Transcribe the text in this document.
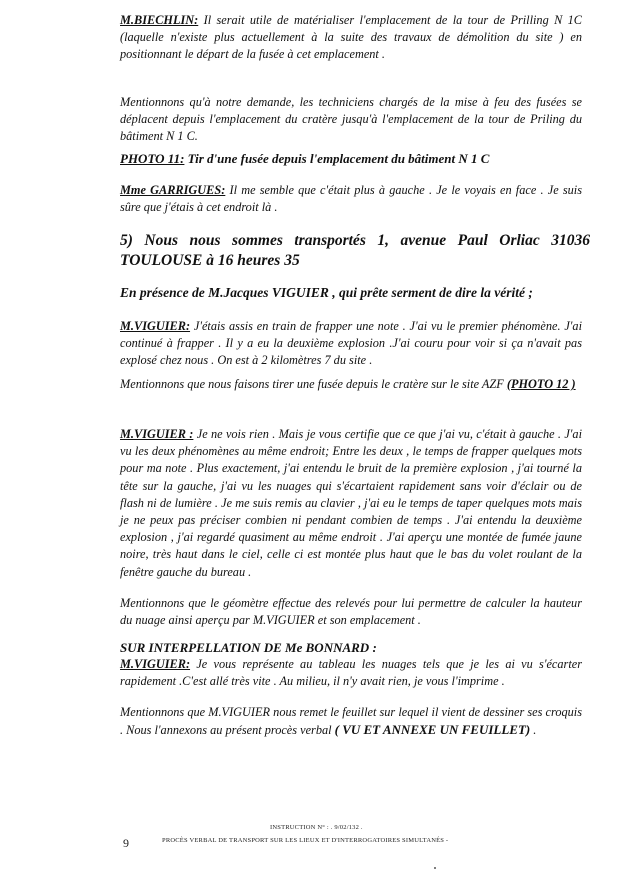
M.BIECHLIN: Il serait utile de matérialiser l'emplacement de la tour de Prilling N 1C (laquelle n'existe plus actuellement à la suite des travaux de démolition du site ) en positionnant le départ de la fusée à cet emplacement .
Mentionnons qu'à notre demande, les techniciens chargés de la mise à feu des fusées se déplacent depuis l'emplacement du cratère jusqu'à l'emplacement de la tour de Priling du bâtiment N 1 C.
PHOTO 11: Tir d'une fusée depuis l'emplacement du bâtiment N 1 C
Mme GARRIGUES: Il me semble que c'était plus à gauche . Je le voyais en face . Je suis sûre que j'étais à cet endroit là .
5) Nous nous sommes transportés 1, avenue Paul Orliac 31036 TOULOUSE à 16 heures 35
En présence de M.Jacques VIGUIER , qui prête serment de dire la vérité ;
M.VIGUIER: J'étais assis en train de frapper une note . J'ai vu le premier phénomène. J'ai continué à frapper . Il y a eu la deuxième explosion .J'ai couru pour voir si ça n'avait pas explosé chez nous . On est à 2 kilomètres 7 du site .
Mentionnons que nous faisons tirer une fusée depuis le cratère sur le site AZF (PHOTO 12 )
M.VIGUIER : Je ne vois rien . Mais je vous certifie que ce que j'ai vu, c'était à gauche . J'ai vu les deux phénomènes au même endroit; Entre les deux , le temps de frapper quelques mots pour ma note . Plus exactement, j'ai entendu le bruit de la première explosion , j'ai tourné la tête sur la gauche, j'ai vu les nuages qui s'écartaient rapidement sans voir d'éclair ou de flash ni de lumière . Je me suis remis au clavier , j'ai eu le temps de taper quelques mots mais je ne peux pas préciser combien ni pendant combien de temps . J'ai entendu la deuxième explosion , j'ai regardé quasiment au même endroit . J'ai aperçu une montée de fumée jaune noire, très haut dans le ciel, celle ci est montée plus haut que le bas du volet roulant de la fenêtre gauche du bureau .
Mentionnons que le géomètre effectue des relevés pour lui permettre de calculer la hauteur du nuage ainsi aperçu par M.VIGUIER et son emplacement .
SUR INTERPELLATION DE Me BONNARD :
M.VIGUIER: Je vous représente au tableau les nuages tels que je les ai vu s'écarter rapidement .C'est allé très vite . Au milieu, il n'y avait rien, je vous l'imprime .
Mentionnons que M.VIGUIER nous remet le feuillet sur lequel il vient de dessiner ses croquis . Nous l'annexons au présent procès verbal ( VU ET ANNEXE UN FEUILLET) .
INSTRUCTION N° : . 9/02/132 .
9	PROCÈS VERBAL DE TRANSPORT SUR LES LIEUX ET D'INTERROGATOIRES SIMULTANÉS -
